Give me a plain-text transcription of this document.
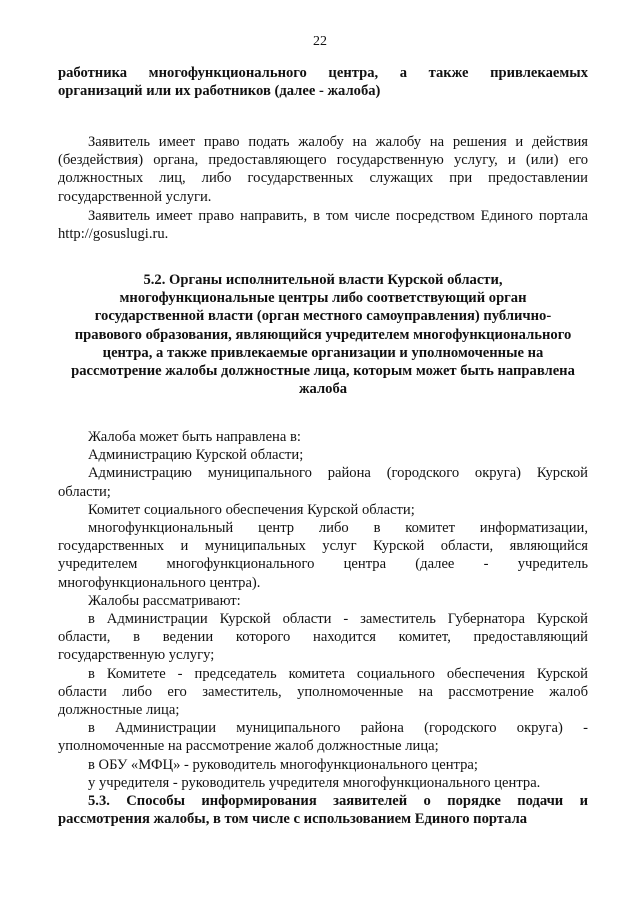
22

работника многофункционального центра, а также привлекаемых

организаций или их работников (далее - жалоба)

Заявитель имеет право подать жалобу на жалобу на решения и действия

(бездействия) органа, предоставляющего государственную услугу, и (или) его

должностных лиц, либо государственных служащих при предоставлении

государственной услуги.

Заявитель имеет право направить, в том числе посредством Единого портала

http://gosuslugi.ru.

5.2. Органы исполнительной власти Курской области,

многофункциональные центры либо соответствующий орган

государственной власти (орган местного самоуправления) публично-

правового образования, являющийся учредителем многофункционального

центра, а также привлекаемые организации и уполномоченные на

рассмотрение жалобы должностные лица, которым может быть направлена

жалоба

Жалоба может быть направлена в:

Администрацию Курской области;

Администрацию муниципального района (городского округа) Курской

области;

Комитет социального обеспечения Курской области;

многофункциональный центр либо в комитет информатизации,

государственных и муниципальных услуг Курской области, являющийся

учредителем многофункционального центра (далее - учредитель

многофункционального центра).

Жалобы рассматривают:

в Администрации Курской области - заместитель Губернатора Курской

области, в ведении которого находится комитет, предоставляющий

государственную услугу;

в Комитете - председатель комитета социального обеспечения Курской

области либо его заместитель, уполномоченные на рассмотрение жалоб

должностные лица;

в Администрации муниципального района (городского округа) -

уполномоченные на рассмотрение жалоб должностные лица;

в ОБУ «МФЦ» - руководитель многофункционального центра;

у учредителя - руководитель учредителя многофункционального центра.

5.3. Способы информирования заявителей о порядке подачи и

рассмотрения жалобы, в том числе с использованием Единого портала
